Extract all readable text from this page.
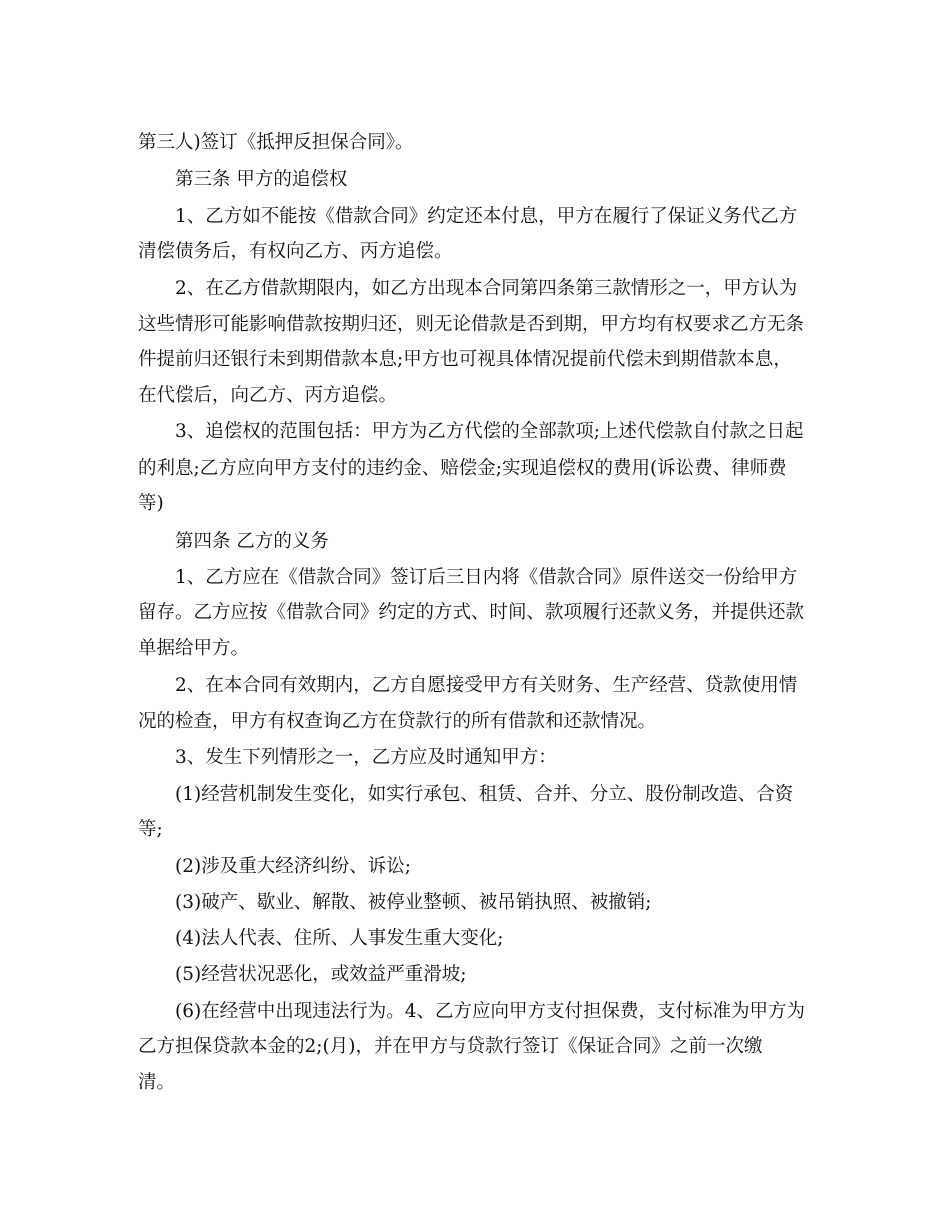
第三人)签订《抵押反担保合同》。
第三条 甲方的追偿权
1、乙方如不能按《借款合同》约定还本付息，甲方在履行了保证义务代乙方
清偿债务后，有权向乙方、丙方追偿。
2、在乙方借款期限内，如乙方出现本合同第四条第三款情形之一，甲方认为
这些情形可能影响借款按期归还，则无论借款是否到期，甲方均有权要求乙方无条
件提前归还银行未到期借款本息;甲方也可视具体情况提前代偿未到期借款本息，
在代偿后，向乙方、丙方追偿。
3、追偿权的范围包括：甲方为乙方代偿的全部款项;上述代偿款自付款之日起
的利息;乙方应向甲方支付的违约金、赔偿金;实现追偿权的费用(诉讼费、律师费
等)
第四条 乙方的义务
1、乙方应在《借款合同》签订后三日内将《借款合同》原件送交一份给甲方
留存。乙方应按《借款合同》约定的方式、时间、款项履行还款义务，并提供还款
单据给甲方。
2、在本合同有效期内，乙方自愿接受甲方有关财务、生产经营、贷款使用情
况的检查，甲方有权查询乙方在贷款行的所有借款和还款情况。
3、发生下列情形之一，乙方应及时通知甲方：
(1)经营机制发生变化，如实行承包、租赁、合并、分立、股份制改造、合资
等;
(2)涉及重大经济纠纷、诉讼;
(3)破产、歇业、解散、被停业整顿、被吊销执照、被撤销;
(4)法人代表、住所、人事发生重大变化;
(5)经营状况恶化，或效益严重滑坡;
(6)在经营中出现违法行为。4、乙方应向甲方支付担保费，支付标准为甲方为
乙方担保贷款本金的2;(月)，并在甲方与贷款行签订《保证合同》之前一次缴
清。
